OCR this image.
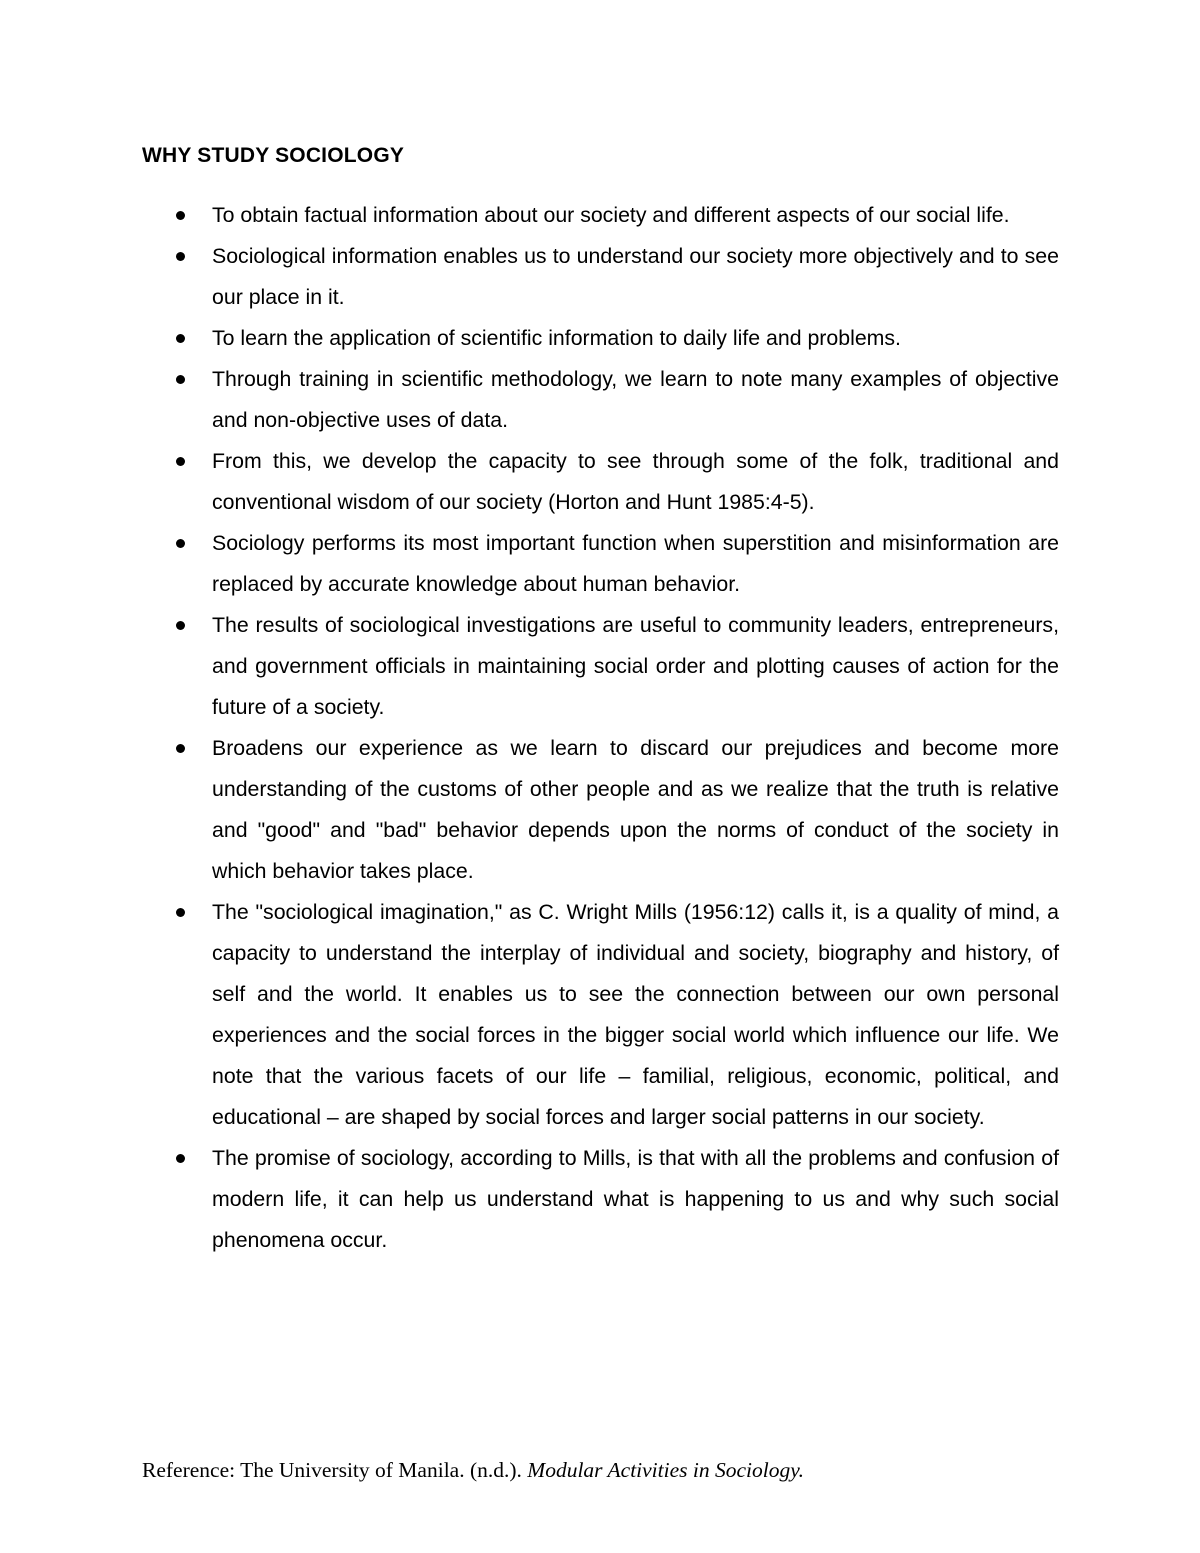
WHY STUDY SOCIOLOGY
To obtain factual information about our society and different aspects of our social life.
Sociological information enables us to understand our society more objectively and to see our place in it.
To learn the application of scientific information to daily life and problems.
Through training in scientific methodology, we learn to note many examples of objective and non-objective uses of data.
From this, we develop the capacity to see through some of the folk, traditional and conventional wisdom of our society (Horton and Hunt 1985:4-5).
Sociology performs its most important function when superstition and misinformation are replaced by accurate knowledge about human behavior.
The results of sociological investigations are useful to community leaders, entrepreneurs, and government officials in maintaining social order and plotting causes of action for the future of a society.
Broadens our experience as we learn to discard our prejudices and become more understanding of the customs of other people and as we realize that the truth is relative and "good" and "bad" behavior depends upon the norms of conduct of the society in which behavior takes place.
The "sociological imagination," as C. Wright Mills (1956:12) calls it, is a quality of mind, a capacity to understand the interplay of individual and society, biography and history, of self and the world. It enables us to see the connection between our own personal experiences and the social forces in the bigger social world which influence our life. We note that the various facets of our life – familial, religious, economic, political, and educational – are shaped by social forces and larger social patterns in our society.
The promise of sociology, according to Mills, is that with all the problems and confusion of modern life, it can help us understand what is happening to us and why such social phenomena occur.

Reference: The University of Manila. (n.d.). Modular Activities in Sociology.
